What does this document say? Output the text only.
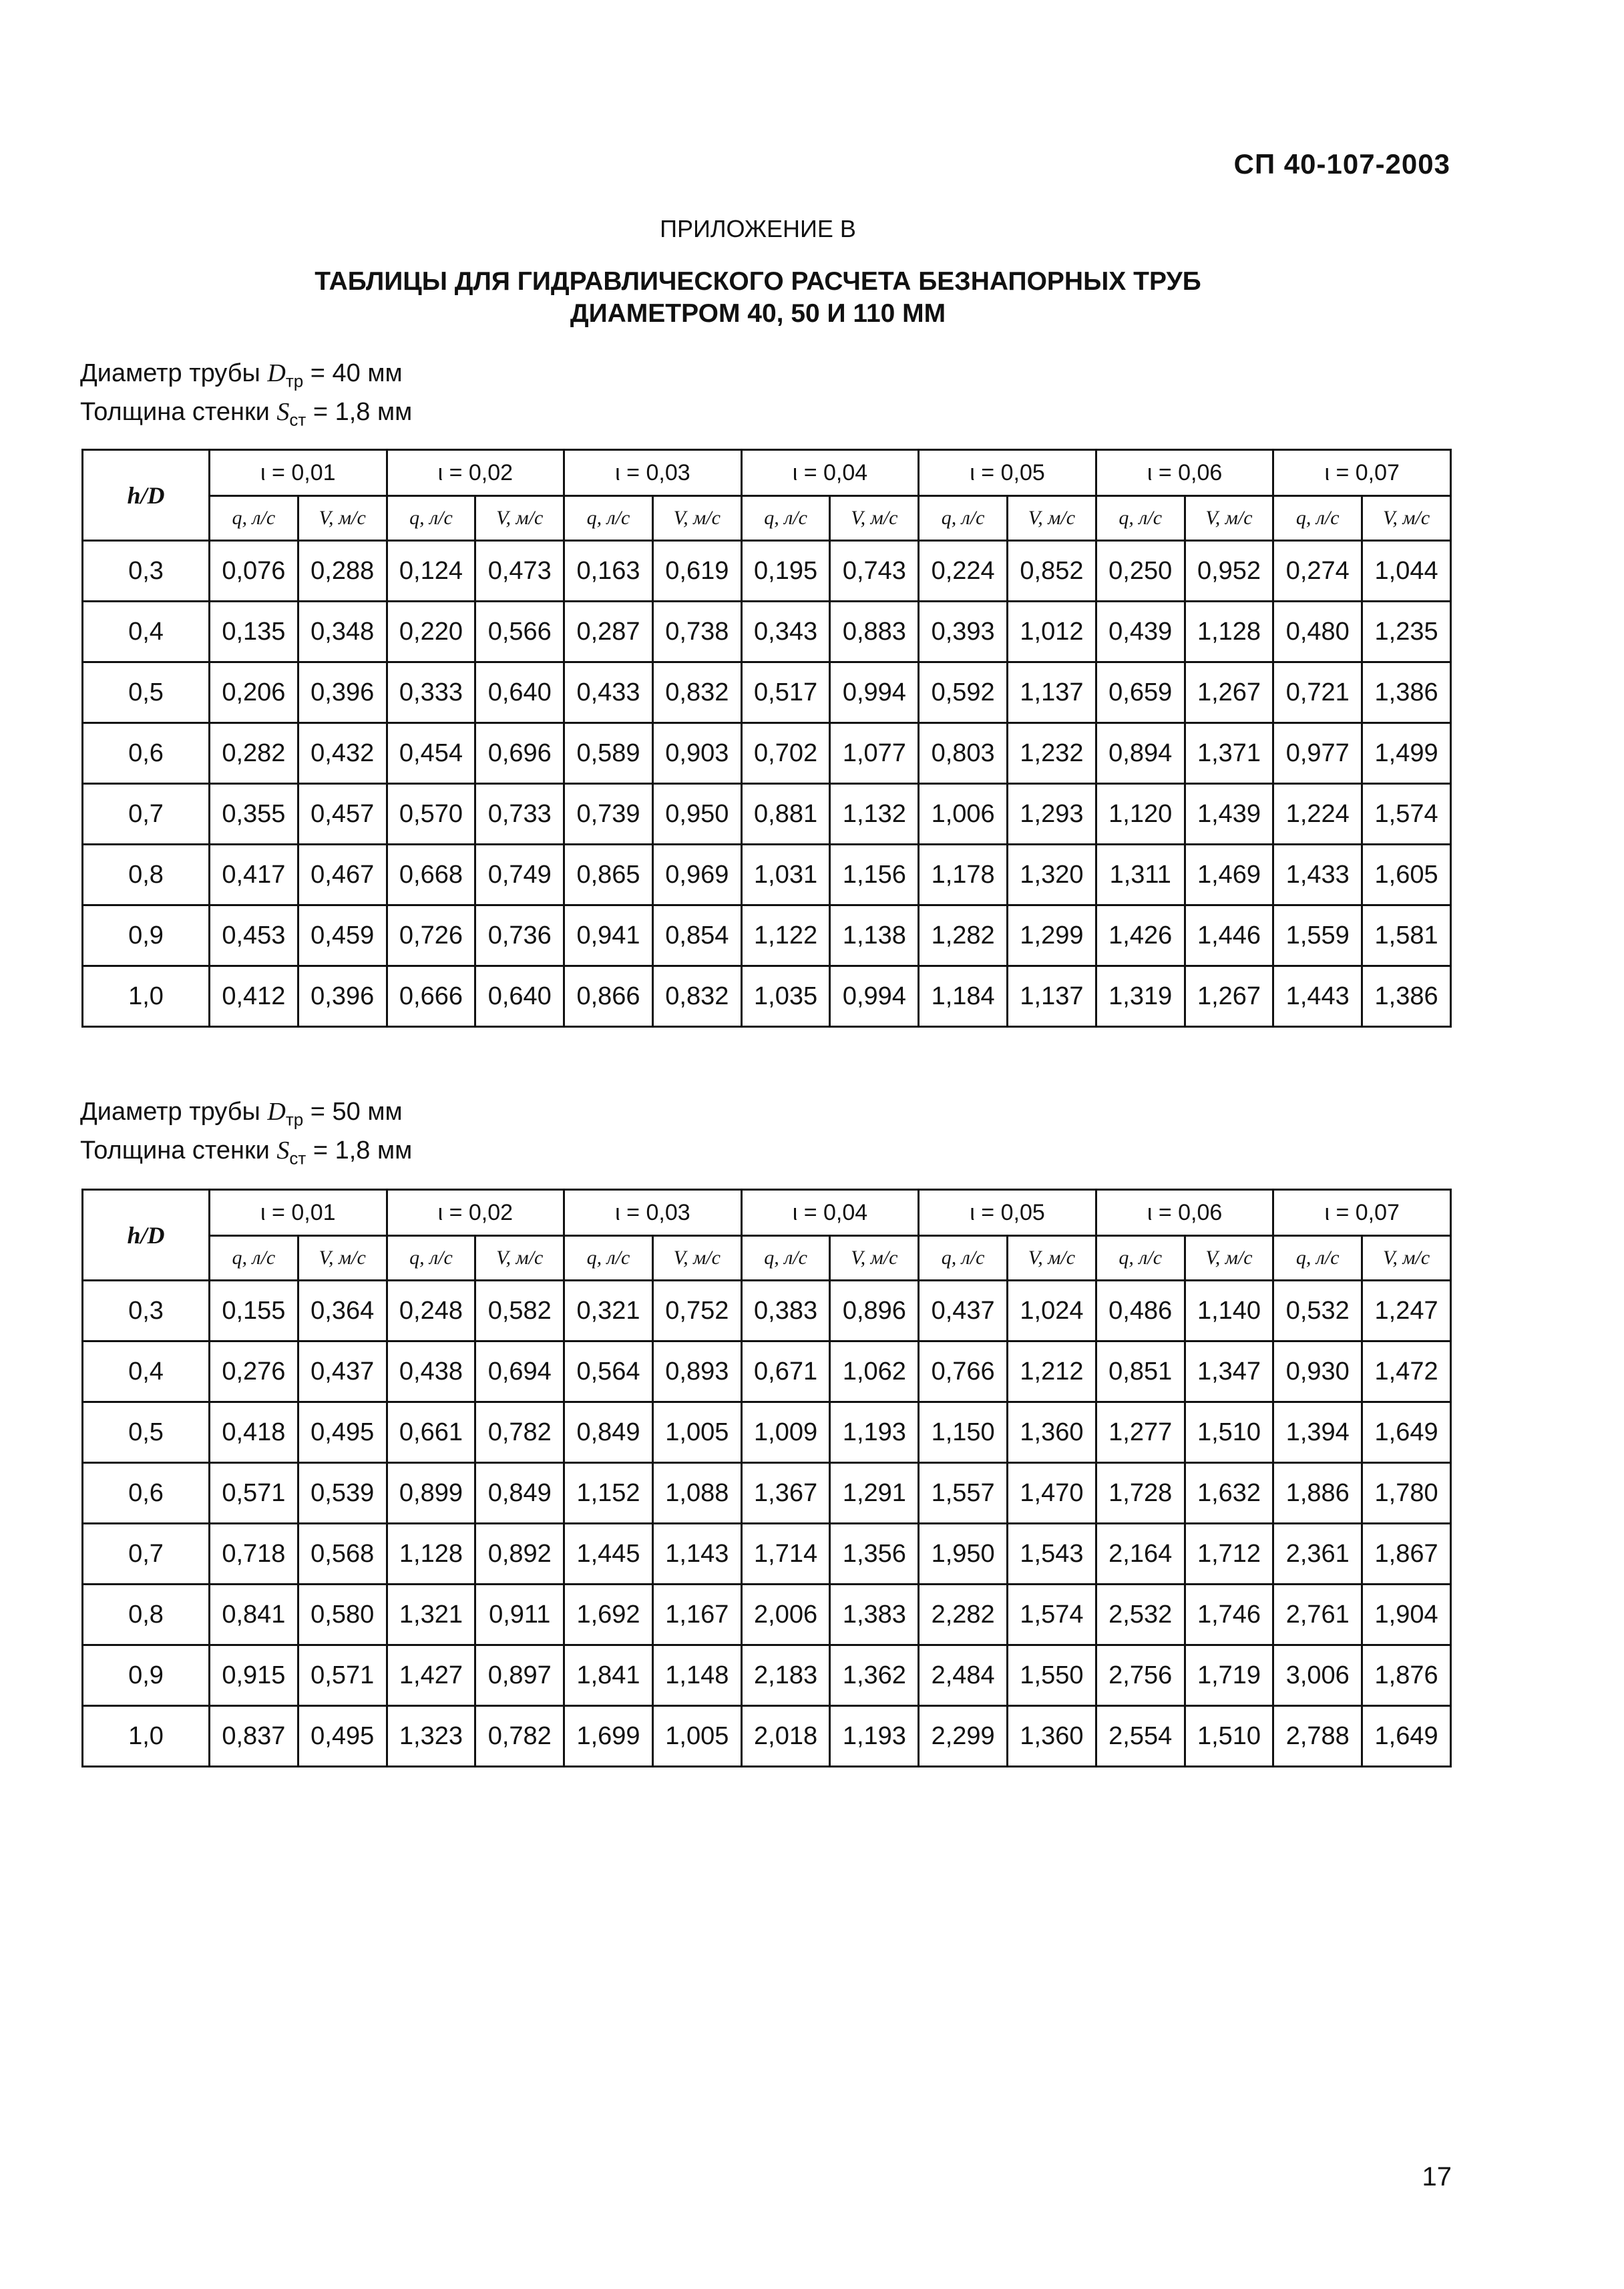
СП 40-107-2003
ПРИЛОЖЕНИЕ В
ТАБЛИЦЫ ДЛЯ ГИДРАВЛИЧЕСКОГО РАСЧЕТА БЕЗНАПОРНЫХ ТРУБ
ДИАМЕТРОМ 40, 50 И 110 ММ
Диаметр трубы $D_{тр} = 40$ мм
Толщина стенки $S_{ст} = 1,8$ мм
h/D	ι = 0,01		ι = 0,02		ι = 0,03		ι = 0,04		ι = 0,05		ι = 0,06		ι = 0,07	
	q, л/с	V, м/с	q, л/с	V, м/с	q, л/с	V, м/с	q, л/с	V, м/с	q, л/с	V, м/с	q, л/с	V, м/с	q, л/с	V, м/с
0,3	0,076	0,288	0,124	0,473	0,163	0,619	0,195	0,743	0,224	0,852	0,250	0,952	0,274	1,044
0,4	0,135	0,348	0,220	0,566	0,287	0,738	0,343	0,883	0,393	1,012	0,439	1,128	0,480	1,235
0,5	0,206	0,396	0,333	0,640	0,433	0,832	0,517	0,994	0,592	1,137	0,659	1,267	0,721	1,386
0,6	0,282	0,432	0,454	0,696	0,589	0,903	0,702	1,077	0,803	1,232	0,894	1,371	0,977	1,499
0,7	0,355	0,457	0,570	0,733	0,739	0,950	0,881	1,132	1,006	1,293	1,120	1,439	1,224	1,574
0,8	0,417	0,467	0,668	0,749	0,865	0,969	1,031	1,156	1,178	1,320	1,311	1,469	1,433	1,605
0,9	0,453	0,459	0,726	0,736	0,941	0,854	1,122	1,138	1,282	1,299	1,426	1,446	1,559	1,581
1,0	0,412	0,396	0,666	0,640	0,866	0,832	1,035	0,994	1,184	1,137	1,319	1,267	1,443	1,386
Диаметр трубы $D_{тр} = 50$ мм
Толщина стенки $S_{ст} = 1,8$ мм
h/D	ι = 0,01		ι = 0,02		ι = 0,03		ι = 0,04		ι = 0,05		ι = 0,06		ι = 0,07	
	q, л/с	V, м/с	q, л/с	V, м/с	q, л/с	V, м/с	q, л/с	V, м/с	q, л/с	V, м/с	q, л/с	V, м/с	q, л/с	V, м/с
0,3	0,155	0,364	0,248	0,582	0,321	0,752	0,383	0,896	0,437	1,024	0,486	1,140	0,532	1,247
0,4	0,276	0,437	0,438	0,694	0,564	0,893	0,671	1,062	0,766	1,212	0,851	1,347	0,930	1,472
0,5	0,418	0,495	0,661	0,782	0,849	1,005	1,009	1,193	1,150	1,360	1,277	1,510	1,394	1,649
0,6	0,571	0,539	0,899	0,849	1,152	1,088	1,367	1,291	1,557	1,470	1,728	1,632	1,886	1,780
0,7	0,718	0,568	1,128	0,892	1,445	1,143	1,714	1,356	1,950	1,543	2,164	1,712	2,361	1,867
0,8	0,841	0,580	1,321	0,911	1,692	1,167	2,006	1,383	2,282	1,574	2,532	1,746	2,761	1,904
0,9	0,915	0,571	1,427	0,897	1,841	1,148	2,183	1,362	2,484	1,550	2,756	1,719	3,006	1,876
1,0	0,837	0,495	1,323	0,782	1,699	1,005	2,018	1,193	2,299	1,360	2,554	1,510	2,788	1,649
17
